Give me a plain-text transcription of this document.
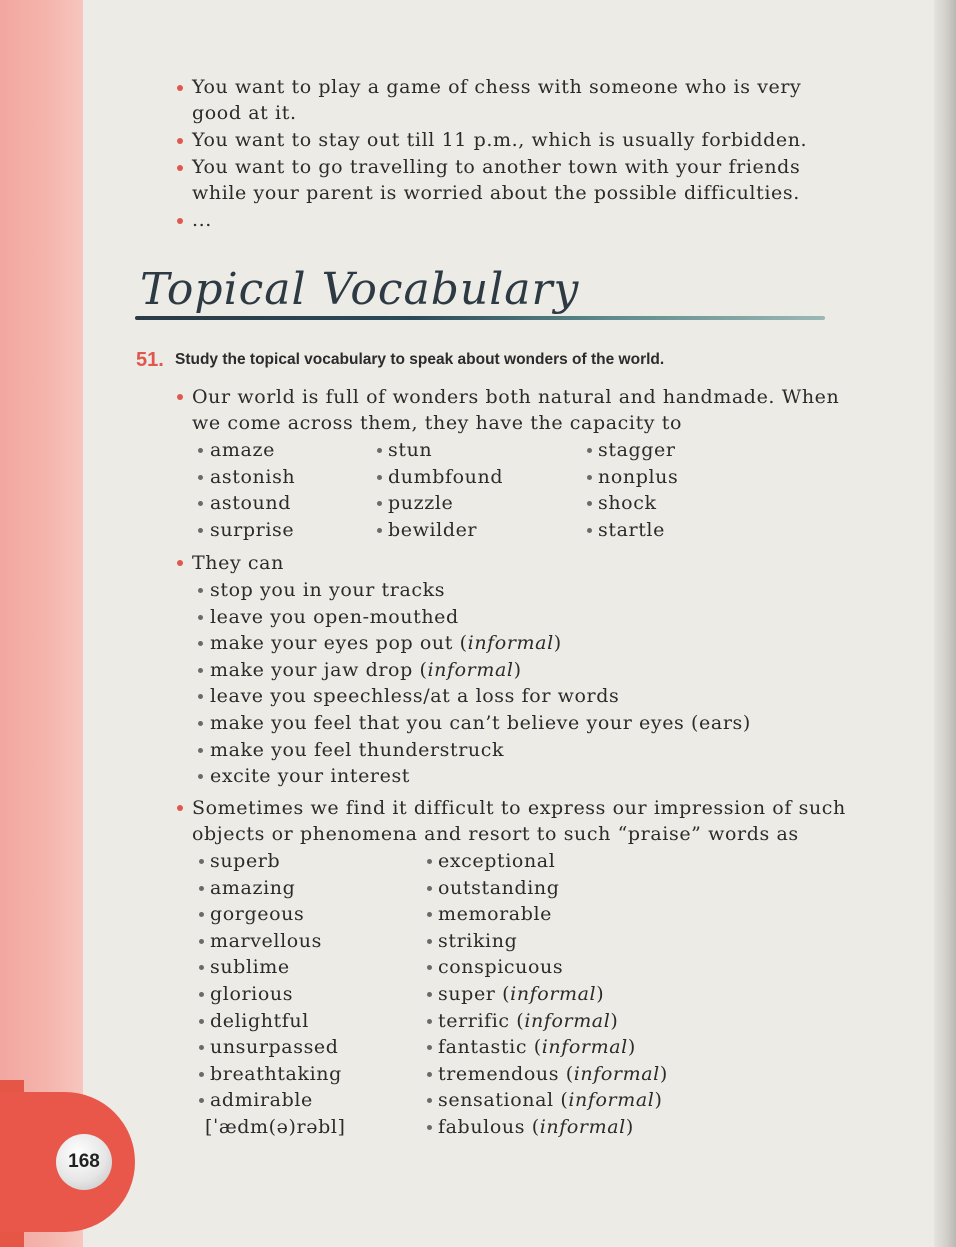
168
Topical Vocabulary
51. Study the topical vocabulary to speak about wonders of the world.
You want to play a game of chess with someone who is very
good at it.
You want to stay out till 11 p.m., which is usually forbidden.
You want to go travelling to another town with your friends
while your parent is worried about the possible difficulties.
...
Our world is full of wonders both natural and handmade. When
we come across them, they have the capacity to
amaze
astonish
astound
surprise
stun
dumbfound
puzzle
bewilder
stagger
nonplus
shock
startle
They can
stop you in your tracks
leave you open-mouthed
make your eyes pop out (informal)
make your jaw drop (informal)
leave you speechless/at a loss for words
make you feel that you can’t believe your eyes (ears)
make you feel thunderstruck
excite your interest
Sometimes we find it difficult to express our impression of such
objects or phenomena and resort to such “praise” words as
superb
amazing
gorgeous
marvellous
sublime
glorious
delightful
unsurpassed
breathtaking
admirable
[ˈædm(ə)rəbl]
exceptional
outstanding
memorable
striking
conspicuous
super (informal)
terrific (informal)
fantastic (informal)
tremendous (informal)
sensational (informal)
fabulous (informal)
